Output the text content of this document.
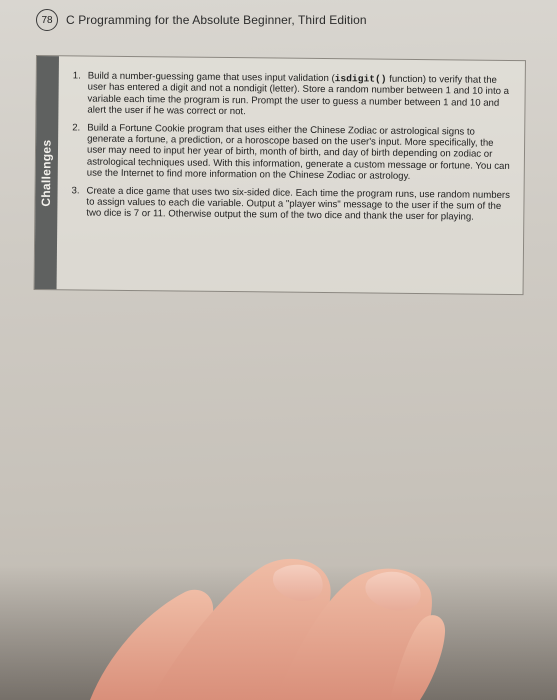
78	C Programming for the Absolute Beginner, Third Edition
Challenges
1. Build a number-guessing game that uses input validation (isdigit() function) to verify that the user has entered a digit and not a nondigit (letter). Store a random number between 1 and 10 into a variable each time the program is run. Prompt the user to guess a number between 1 and 10 and alert the user if he was correct or not.
2. Build a Fortune Cookie program that uses either the Chinese Zodiac or astrological signs to generate a fortune, a prediction, or a horoscope based on the user's input. More specifically, the user may need to input her year of birth, month of birth, and day of birth depending on zodiac or astrological techniques used. With this information, generate a custom message or fortune. You can use the Internet to find more information on the Chinese Zodiac or astrology.
3. Create a dice game that uses two six-sided dice. Each time the program runs, use random numbers to assign values to each die variable. Output a "player wins" message to the user if the sum of the two dice is 7 or 11. Otherwise output the sum of the two dice and thank the user for playing.
